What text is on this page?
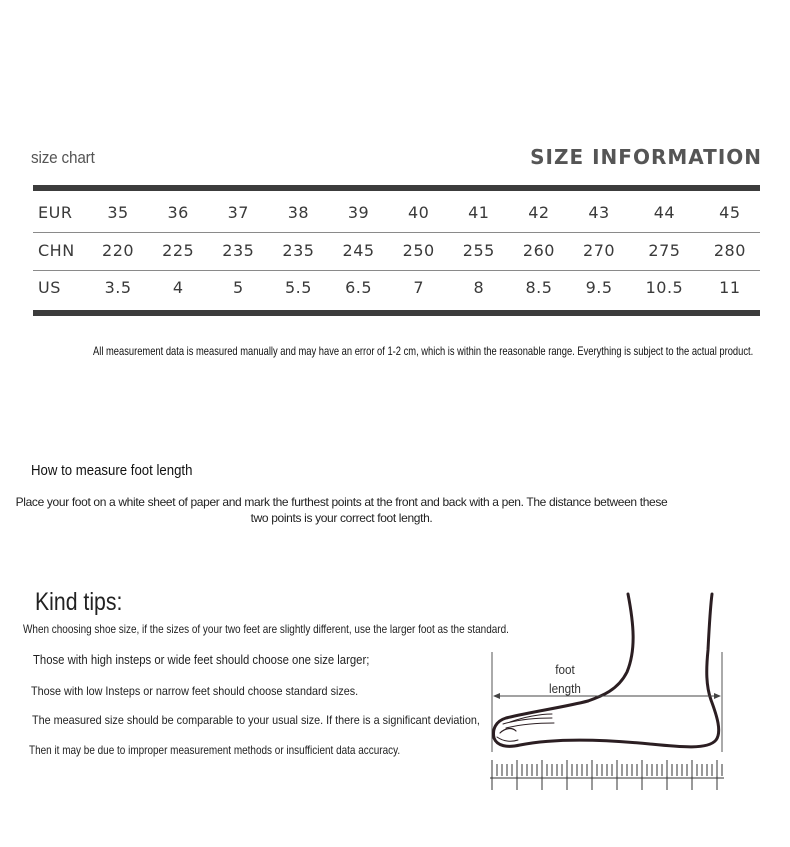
size chart	SIZE INFORMATION
EUR	35	36	37	38	39	40	41	42	43	44	45
CHN	220	225	235	235	245	250	255	260	270	275	280
US	3.5	4	5	5.5	6.5	7	8	8.5	9.5	10.5	11
All measurement data is measured manually and may have an error of 1-2 cm, which is within the reasonable range. Everything is subject to the actual product.
How to measure foot length
Place your foot on a white sheet of paper and mark the furthest points at the front and back with a pen. The distance between these two points is your correct foot length.
Kind tips:
When choosing shoe size, if the sizes of your two feet are slightly different, use the larger foot as the standard.
Those with high insteps or wide feet should choose one size larger;
Those with low Insteps or narrow feet should choose standard sizes.
The measured size should be comparable to your usual size. If there is a significant deviation,
Then it may be due to improper measurement methods or insufficient data accuracy.
foot
length
